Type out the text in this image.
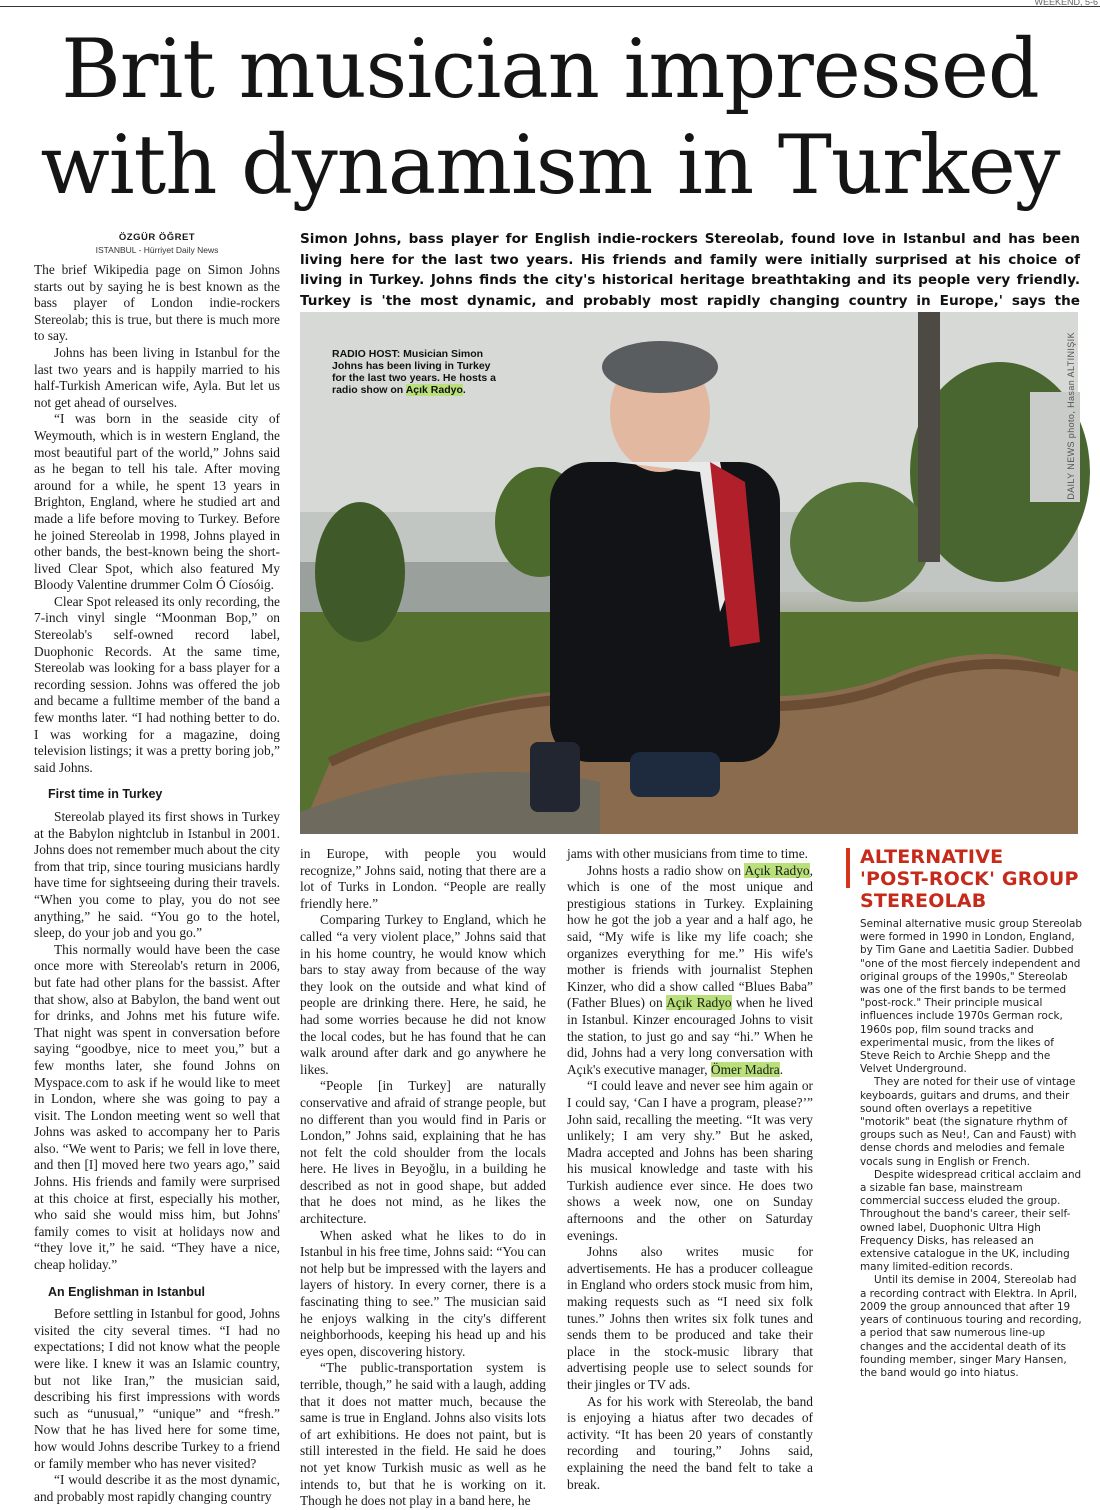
WEEKEND, 5-6
Brit musician impressed
with dynamism in Turkey
ÖZGÜR ÖĞRET
ISTANBUL - Hürriyet Daily News

Simon Johns, bass player for English indie-rockers Stereolab, found love in Istanbul and has been living here for the last two years. His friends and family were initially surprised at his choice of living in Turkey. Johns finds the city's historical heritage breathtaking and its people very friendly. Turkey is 'the most dynamic, and probably most rapidly changing country in Europe,' says the

The brief Wikipedia page on Simon Johns starts out by saying he is best known as the bass player of London indie-rockers Stereolab; this is true, but there is much more to say.

Johns has been living in Istanbul for the last two years and is happily married to his half-Turkish American wife, Ayla. But let us not get ahead of ourselves.

“I was born in the seaside city of Weymouth, which is in western England, the most beautiful part of the world,” Johns said as he began to tell his tale. After moving around for a while, he spent 13 years in Brighton, England, where he studied art and made a life before moving to Turkey. Before he joined Stereolab in 1998, Johns played in other bands, the best-known being the short-lived Clear Spot, which also featured My Bloody Valentine drummer Colm Ó Cíosóig.

Clear Spot released its only recording, the 7-inch vinyl single “Moonman Bop,” on Stereolab's self-owned record label, Duophonic Records. At the same time, Stereolab was looking for a bass player for a recording session. Johns was offered the job and became a fulltime member of the band a few months later. “I had nothing better to do. I was working for a magazine, doing television listings; it was a pretty boring job,” said Johns.

First time in Turkey

Stereolab played its first shows in Turkey at the Babylon nightclub in Istanbul in 2001. Johns does not remember much about the city from that trip, since touring musicians hardly have time for sightseeing during their travels. “When you come to play, you do not see anything,” he said. “You go to the hotel, sleep, do your job and you go.”

This normally would have been the case once more with Stereolab's return in 2006, but fate had other plans for the bassist. After that show, also at Babylon, the band went out for drinks, and Johns met his future wife. That night was spent in conversation before saying “goodbye, nice to meet you,” but a few months later, she found Johns on Myspace.com to ask if he would like to meet in London, where she was going to pay a visit. The London meeting went so well that Johns was asked to accompany her to Paris also. “We went to Paris; we fell in love there, and then [I] moved here two years ago,” said Johns. His friends and family were surprised at this choice at first, especially his mother, who said she would miss him, but Johns' family comes to visit at holidays now and “they love it,” he said. “They have a nice, cheap holiday.”

An Englishman in Istanbul

Before settling in Istanbul for good, Johns visited the city several times. “I had no expectations; I did not know what the people were like. I knew it was an Islamic country, but not like Iran,” the musician said, describing his first impressions with words such as “unusual,” “unique” and “fresh.” Now that he has lived here for some time, how would Johns describe Turkey to a friend or family member who has never visited?

“I would describe it as the most dynamic, and probably most rapidly changing country

RADIO HOST: Musician Simon Johns has been living in Turkey for the last two years. He hosts a radio show on Açık Radyo.	DAILY NEWS photo, Hasan ALTINIŞIK

in Europe, with people you would recognize,” Johns said, noting that there are a lot of Turks in London. “People are really friendly here.”

Comparing Turkey to England, which he called “a very violent place,” Johns said that in his home country, he would know which bars to stay away from because of the way they look on the outside and what kind of people are drinking there. Here, he said, he had some worries because he did not know the local codes, but he has found that he can walk around after dark and go anywhere he likes.

“People [in Turkey] are naturally conservative and afraid of strange people, but no different than you would find in Paris or London,” Johns said, explaining that he has not felt the cold shoulder from the locals here. He lives in Beyoğlu, in a building he described as not in good shape, but added that he does not mind, as he likes the architecture.

When asked what he likes to do in Istanbul in his free time, Johns said: “You can not help but be impressed with the layers and layers of history. In every corner, there is a fascinating thing to see.” The musician said he enjoys walking in the city's different neighborhoods, keeping his head up and his eyes open, discovering history.

“The public-transportation system is terrible, though,” he said with a laugh, adding that it does not matter much, because the same is true in England. Johns also visits lots of art exhibitions. He does not paint, but is still interested in the field. He said he does not yet know Turkish music as well as he intends to, but that he is working on it. Though he does not play in a band here, he

jams with other musicians from time to time.

Johns hosts a radio show on Açık Radyo, which is one of the most unique and prestigious stations in Turkey. Explaining how he got the job a year and a half ago, he said, “My wife is like my life coach; she organizes everything for me.” His wife's mother is friends with journalist Stephen Kinzer, who did a show called “Blues Baba” (Father Blues) on Açık Radyo when he lived in Istanbul. Kinzer encouraged Johns to visit the station, to just go and say “hi.” When he did, Johns had a very long conversation with Açık's executive manager, Ömer Madra.

“I could leave and never see him again or I could say, ‘Can I have a program, please?’” John said, recalling the meeting. “It was very unlikely; I am very shy.” But he asked, Madra accepted and Johns has been sharing his musical knowledge and taste with his Turkish audience ever since. He does two shows a week now, one on Sunday afternoons and the other on Saturday evenings.

Johns also writes music for advertisements. He has a producer colleague in England who orders stock music from him, making requests such as “I need six folk tunes.” Johns then writes six folk tunes and sends them to be produced and take their place in the stock-music library that advertising people use to select sounds for their jingles or TV ads.

As for his work with Stereolab, the band is enjoying a hiatus after two decades of activity. “It has been 20 years of constantly recording and touring,” Johns said, explaining the need the band felt to take a break.

ALTERNATIVE
'POST-ROCK' GROUP
STEREOLAB

Seminal alternative music group Stereolab were formed in 1990 in London, England, by Tim Gane and Laetitia Sadier. Dubbed "one of the most fiercely independent and original groups of the 1990s," Stereolab was one of the first bands to be termed "post-rock." Their principle musical influences include 1970s German rock, 1960s pop, film sound tracks and experimental music, from the likes of Steve Reich to Archie Shepp and the Velvet Underground.

They are noted for their use of vintage keyboards, guitars and drums, and their sound often overlays a repetitive "motorik" beat (the signature rhythm of groups such as Neu!, Can and Faust) with dense chords and melodies and female vocals sung in English or French.

Despite widespread critical acclaim and a sizable fan base, mainstream commercial success eluded the group. Throughout the band's career, their self-owned label, Duophonic Ultra High Frequency Disks, has released an extensive catalogue in the UK, including many limited-edition records.

Until its demise in 2004, Stereolab had a recording contract with Elektra. In April, 2009 the group announced that after 19 years of continuous touring and recording, a period that saw numerous line-up changes and the accidental death of its founding member, singer Mary Hansen, the band would go into hiatus.
